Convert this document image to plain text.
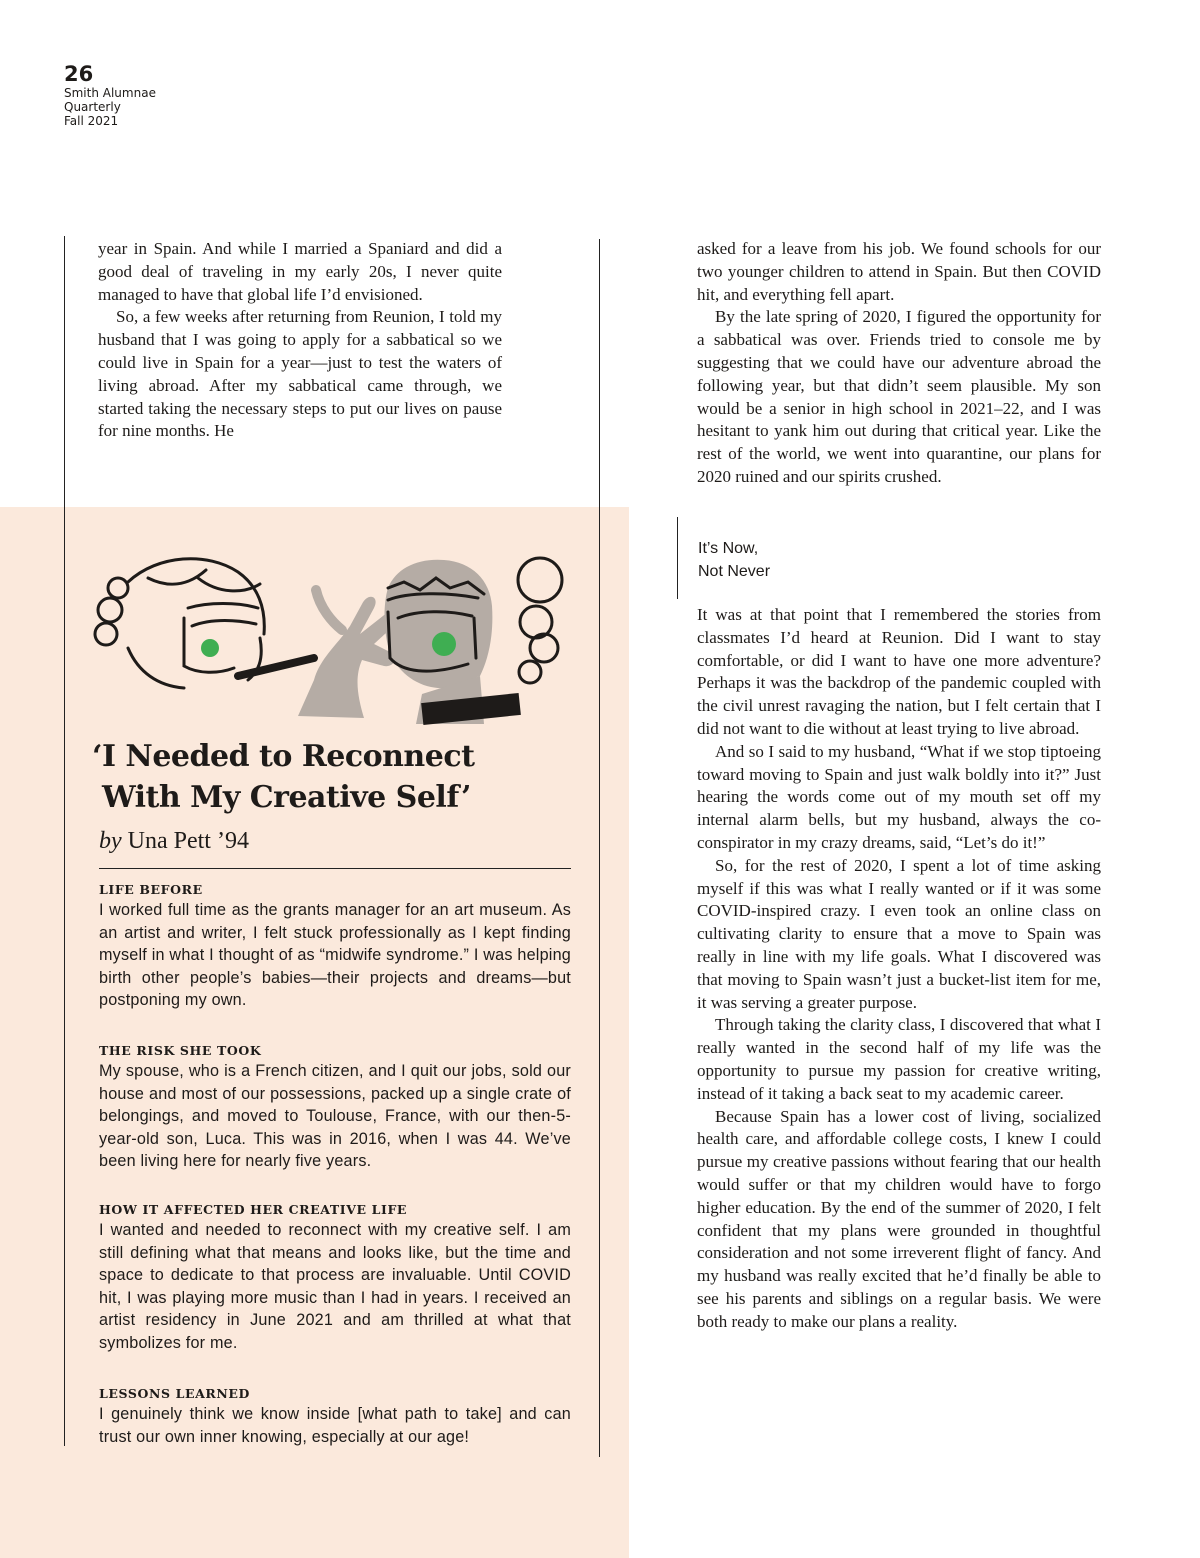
26
Smith Alumnae
Quarterly
Fall 2021

year in Spain. And while I married a Spaniard and did a good deal of traveling in my early 20s, I never quite managed to have that global life I’d envisioned.

So, a few weeks after returning from Reunion, I told my husband that I was going to apply for a sabbatical so we could live in Spain for a year—just to test the waters of living abroad. After my sabbatical came through, we started taking the necessary steps to put our lives on pause for nine months. He

asked for a leave from his job. We found schools for our two younger children to attend in Spain. But then COVID hit, and everything fell apart.

By the late spring of 2020, I figured the opportunity for a sabbatical was over. Friends tried to console me by suggesting that we could have our adventure abroad the following year, but that didn’t seem plausible. My son would be a senior in high school in 2021–22, and I was hesitant to yank him out during that critical year. Like the rest of the world, we went into quarantine, our plans for 2020 ruined and our spirits crushed.

It’s Now,
Not Never

It was at that point that I remembered the stories from classmates I’d heard at Reunion. Did I want to stay comfortable, or did I want to have one more adventure? Perhaps it was the backdrop of the pandemic coupled with the civil unrest ravaging the nation, but I felt certain that I did not want to die without at least trying to live abroad.

And so I said to my husband, “What if we stop tiptoeing toward moving to Spain and just walk boldly into it?” Just hearing the words come out of my mouth set off my internal alarm bells, but my husband, always the co-conspirator in my crazy dreams, said, “Let’s do it!”

So, for the rest of 2020, I spent a lot of time asking myself if this was what I really wanted or if it was some COVID-inspired crazy. I even took an online class on cultivating clarity to ensure that a move to Spain was really in line with my life goals. What I discovered was that moving to Spain wasn’t just a bucket-list item for me, it was serving a greater purpose.

Through taking the clarity class, I discovered that what I really wanted in the second half of my life was the opportunity to pursue my passion for creative writing, instead of it taking a back seat to my academic career.

Because Spain has a lower cost of living, socialized health care, and affordable college costs, I knew I could pursue my creative passions without fearing that our health would suffer or that my children would have to forgo higher education. By the end of the summer of 2020, I felt confident that my plans were grounded in thoughtful consideration and not some irreverent flight of fancy. And my husband was really excited that he’d finally be able to see his parents and siblings on a regular basis. We were both ready to make our plans a reality.

‘I Needed to Reconnect
With My Creative Self’
by Una Pett ’94
LIFE BEFORE

I worked full time as the grants manager for an art museum. As an artist and writer, I felt stuck professionally as I kept finding myself in what I thought of as “midwife syndrome.” I was helping birth other people’s babies—their projects and dreams—but postponing my own.

THE RISK SHE TOOK

My spouse, who is a French citizen, and I quit our jobs, sold our house and most of our possessions, packed up a single crate of belongings, and moved to Toulouse, France, with our then-5-year-old son, Luca. This was in 2016, when I was 44. We’ve been living here for nearly five years.

HOW IT AFFECTED HER CREATIVE LIFE

I wanted and needed to reconnect with my creative self. I am still defining what that means and looks like, but the time and space to dedicate to that process are invaluable. Until COVID hit, I was playing more music than I had in years. I received an artist residency in June 2021 and am thrilled at what that symbolizes for me.

LESSONS LEARNED

I genuinely think we know inside [what path to take] and can trust our own inner knowing, especially at our age!
